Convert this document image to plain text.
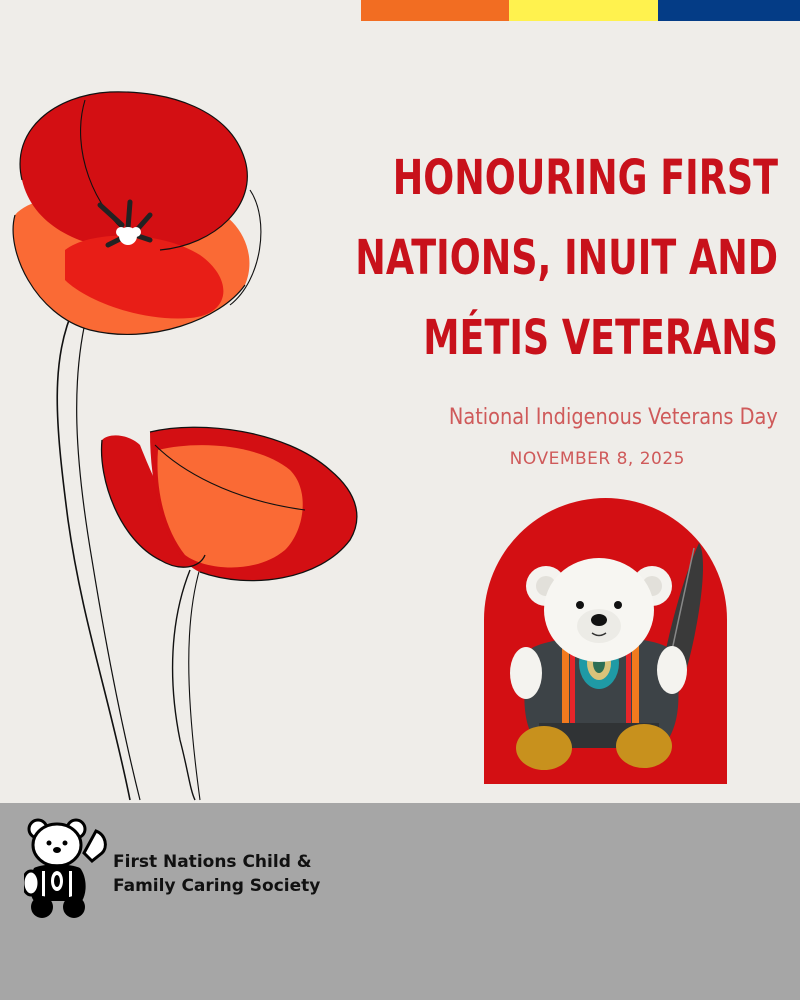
HONOURING FIRST
NATIONS, INUIT AND
MÉTIS VETERANS
National Indigenous Veterans Day
NOVEMBER 8, 2025

First Nations Child &
Family Caring Society
